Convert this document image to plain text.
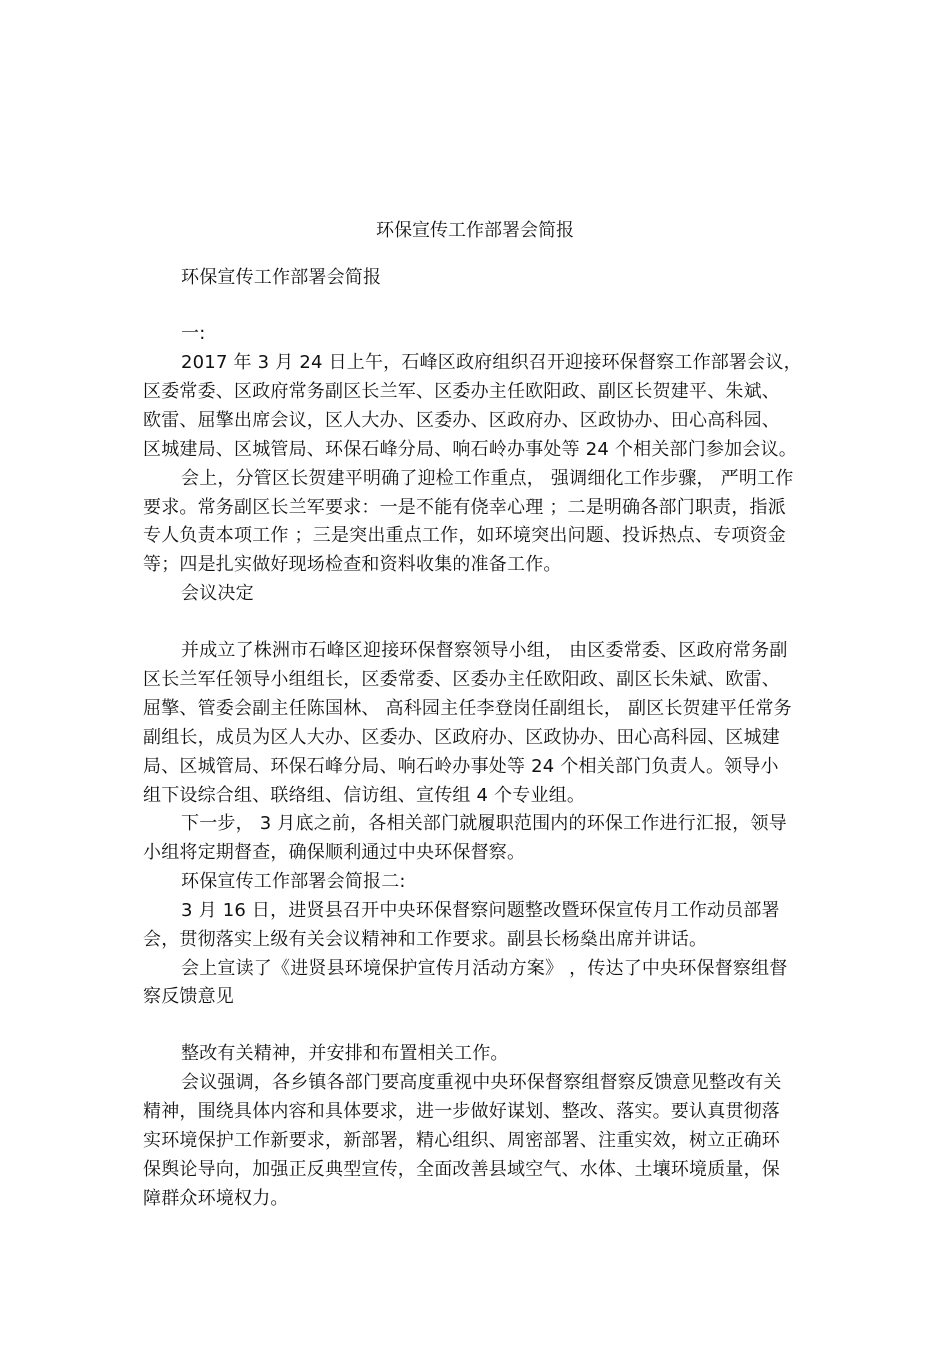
环保宣传工作部署会简报
环保宣传工作部署会简报
一:
2017 年 3 月 24 日上午，石峰区政府组织召开迎接环保督察工作部署会议，
区委常委、区政府常务副区长兰军、区委办主任欧阳政、副区长贺建平、朱斌、
欧雷、屈擎出席会议，区人大办、区委办、区政府办、区政协办、田心高科园、
区城建局、区城管局、环保石峰分局、响石岭办事处等 24 个相关部门参加会议。
会上，分管区长贺建平明确了迎检工作重点， 强调细化工作步骤， 严明工作
要求。常务副区长兰军要求：一是不能有侥幸心理 ；二是明确各部门职责，指派
专人负责本项工作 ；三是突出重点工作，如环境突出问题、投诉热点、专项资金
等；四是扎实做好现场检查和资料收集的准备工作。
会议决定
并成立了株洲市石峰区迎接环保督察领导小组， 由区委常委、区政府常务副
区长兰军任领导小组组长，区委常委、区委办主任欧阳政、副区长朱斌、欧雷、
屈擎、管委会副主任陈国林、 高科园主任李登岗任副组长， 副区长贺建平任常务
副组长，成员为区人大办、区委办、区政府办、区政协办、田心高科园、区城建
局、区城管局、环保石峰分局、响石岭办事处等 24 个相关部门负责人。领导小
组下设综合组、联络组、信访组、宣传组 4 个专业组。
下一步， 3 月底之前，各相关部门就履职范围内的环保工作进行汇报，领导
小组将定期督查，确保顺利通过中央环保督察。
环保宣传工作部署会简报二:
3 月 16 日，进贤县召开中央环保督察问题整改暨环保宣传月工作动员部署
会，贯彻落实上级有关会议精神和工作要求。副县长杨燊出席并讲话。
会上宣读了《进贤县环境保护宣传月活动方案》 ，传达了中央环保督察组督
察反馈意见
整改有关精神，并安排和布置相关工作。
会议强调，各乡镇各部门要高度重视中央环保督察组督察反馈意见整改有关
精神，围绕具体内容和具体要求，进一步做好谋划、整改、落实。要认真贯彻落
实环境保护工作新要求，新部署，精心组织、周密部署、注重实效，树立正确环
保舆论导向，加强正反典型宣传，全面改善县域空气、水体、土壤环境质量，保
障群众环境权力。
